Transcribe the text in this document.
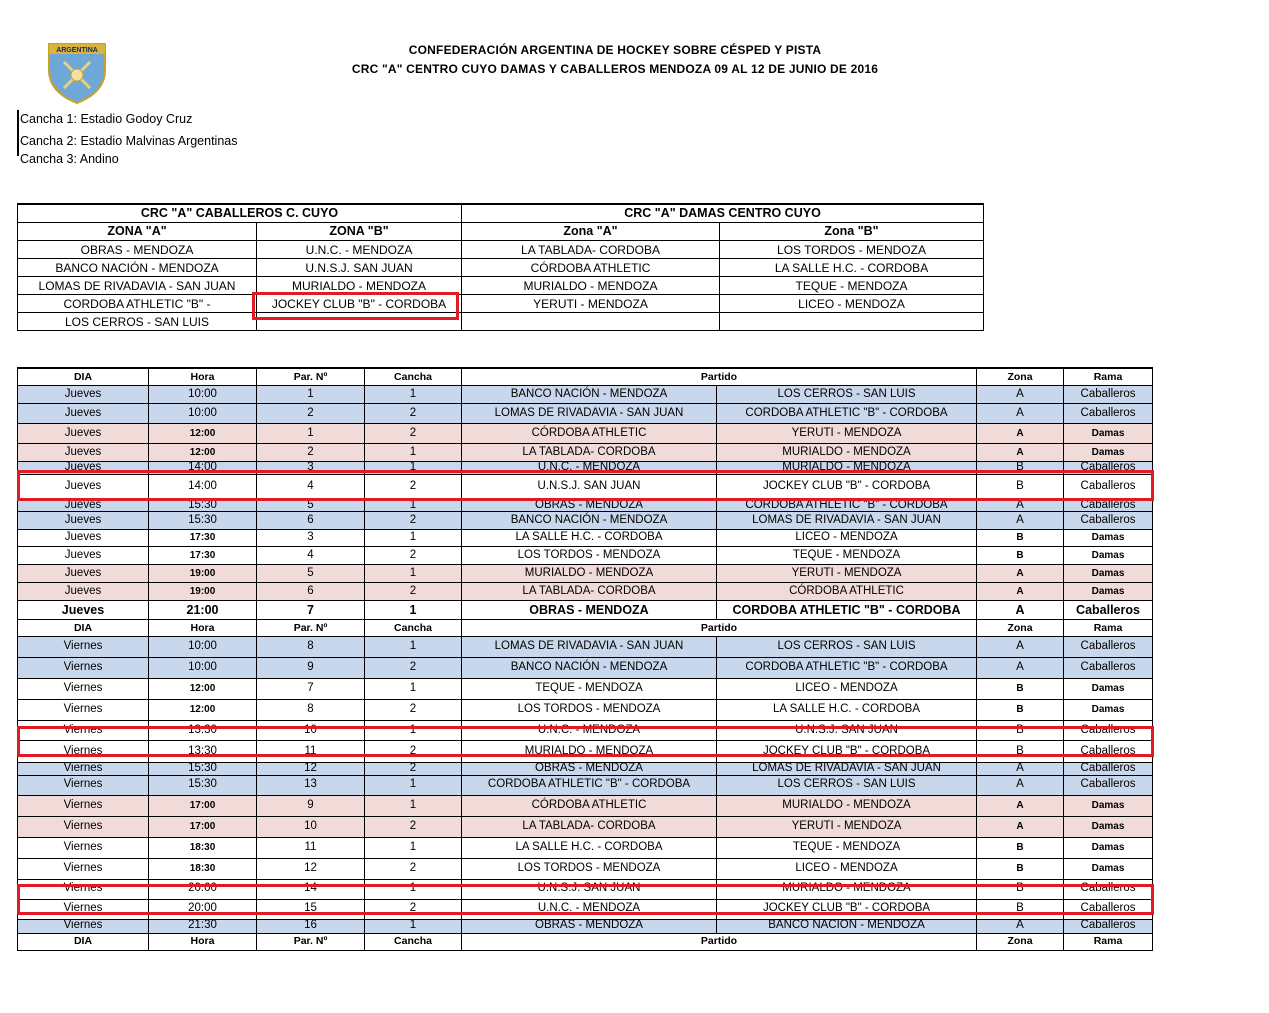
ARGENTINA	CONFEDERACIÓN ARGENTINA DE HOCKEY SOBRE CÉSPED Y PISTA
CRC "A" CENTRO CUYO DAMAS Y CABALLEROS MENDOZA 09 AL 12 DE JUNIO DE 2016
Cancha 1: Estadio Godoy Cruz
Cancha 2: Estadio Malvinas Argentinas
Cancha 3: Andino
CRC "A" CABALLEROS C. CUYO		CRC "A" DAMAS CENTRO CUYO	
ZONA "A"	ZONA "B"	Zona "A"	Zona "B"
OBRAS - MENDOZA	U.N.C. - MENDOZA	LA TABLADA- CORDOBA	LOS TORDOS - MENDOZA
BANCO NACIÓN - MENDOZA	U.N.S.J. SAN JUAN	CÓRDOBA ATHLETIC	LA SALLE H.C. - CORDOBA
LOMAS DE RIVADAVIA - SAN JUAN	MURIALDO - MENDOZA	MURIALDO - MENDOZA	TEQUE - MENDOZA
CORDOBA ATHLETIC "B" -	JOCKEY CLUB "B" - CORDOBA	YERUTI - MENDOZA	LICEO - MENDOZA
LOS CERROS - SAN LUIS			
DIA	Hora	Par. Nº	Cancha	Partido		Zona	Rama
Jueves	10:00	1	1	BANCO NACIÓN - MENDOZA	LOS CERROS - SAN LUIS	A	Caballeros
Jueves	10:00	2	2	LOMAS DE RIVADAVIA - SAN JUAN	CORDOBA ATHLETIC "B" - CORDOBA	A	Caballeros
Jueves	12:00	1	2	CÓRDOBA ATHLETIC	YERUTI - MENDOZA	A	Damas
Jueves	12:00	2	1	LA TABLADA- CORDOBA	MURIALDO - MENDOZA	A	Damas
Jueves	14:00	3	1	U.N.C. - MENDOZA	MURIALDO - MENDOZA	B	Caballeros
Jueves	14:00	4	2	U.N.S.J. SAN JUAN	JOCKEY CLUB "B" - CORDOBA	B	Caballeros
Jueves	15:30	5	1	OBRAS - MENDOZA	CORDOBA ATHLETIC "B" - CORDOBA	A	Caballeros
Jueves	15:30	6	2	BANCO NACIÓN - MENDOZA	LOMAS DE RIVADAVIA - SAN JUAN	A	Caballeros
Jueves	17:30	3	1	LA SALLE H.C. - CORDOBA	LICEO - MENDOZA	B	Damas
Jueves	17:30	4	2	LOS TORDOS - MENDOZA	TEQUE - MENDOZA	B	Damas
Jueves	19:00	5	1	MURIALDO - MENDOZA	YERUTI - MENDOZA	A	Damas
Jueves	19:00	6	2	LA TABLADA- CORDOBA	CÓRDOBA ATHLETIC	A	Damas
Jueves	21:00	7	1	OBRAS - MENDOZA	CORDOBA ATHLETIC "B" - CORDOBA	A	Caballeros
DIA	Hora	Par. Nº	Cancha	Partido		Zona	Rama
Viernes	10:00	8	1	LOMAS DE RIVADAVIA - SAN JUAN	LOS CERROS - SAN LUIS	A	Caballeros
Viernes	10:00	9	2	BANCO NACIÓN - MENDOZA	CORDOBA ATHLETIC "B" - CORDOBA	A	Caballeros
Viernes	12:00	7	1	TEQUE - MENDOZA	LICEO - MENDOZA	B	Damas
Viernes	12:00	8	2	LOS TORDOS - MENDOZA	LA SALLE H.C. - CORDOBA	B	Damas
Viernes	13:30	10	1	U.N.C. - MENDOZA	U.N.S.J. SAN JUAN	B	Caballeros
Viernes	13:30	11	2	MURIALDO - MENDOZA	JOCKEY CLUB "B" - CORDOBA	B	Caballeros
Viernes	15:30	12	2	OBRAS - MENDOZA	LOMAS DE RIVADAVIA - SAN JUAN	A	Caballeros
Viernes	15:30	13	1	CORDOBA ATHLETIC "B" - CORDOBA	LOS CERROS - SAN LUIS	A	Caballeros
Viernes	17:00	9	1	CÓRDOBA ATHLETIC	MURIALDO - MENDOZA	A	Damas
Viernes	17:00	10	2	LA TABLADA- CORDOBA	YERUTI - MENDOZA	A	Damas
Viernes	18:30	11	1	LA SALLE H.C. - CORDOBA	TEQUE - MENDOZA	B	Damas
Viernes	18:30	12	2	LOS TORDOS - MENDOZA	LICEO - MENDOZA	B	Damas
Viernes	20:00	14	1	U.N.S.J. SAN JUAN	MURIALDO - MENDOZA	B	Caballeros
Viernes	20:00	15	2	U.N.C. - MENDOZA	JOCKEY CLUB "B" - CORDOBA	B	Caballeros
Viernes	21:30	16	1	OBRAS - MENDOZA	BANCO NACION - MENDOZA	A	Caballeros
DIA	Hora	Par. Nº	Cancha	Partido		Zona	Rama
